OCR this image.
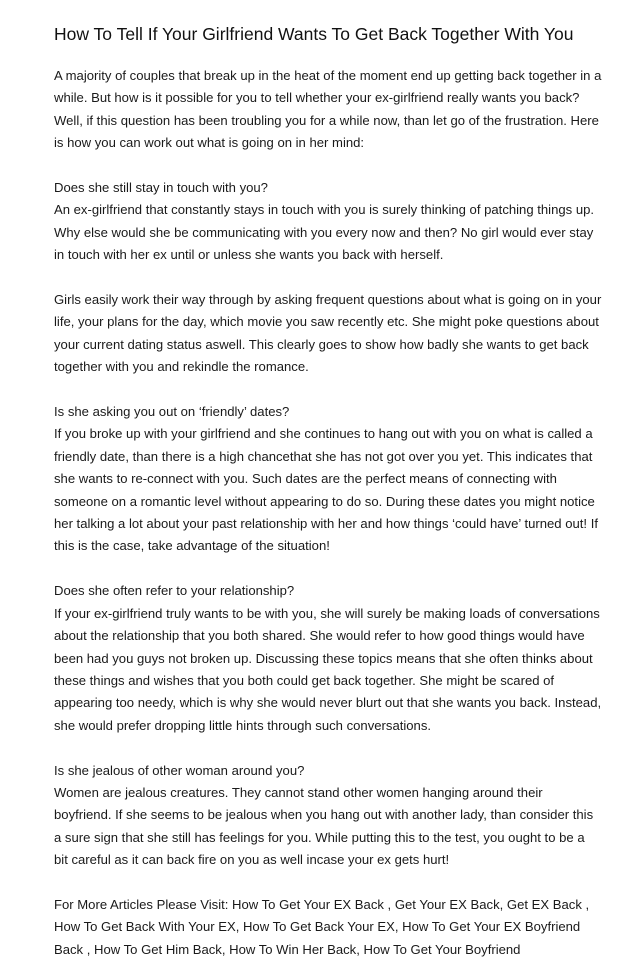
How To Tell If Your Girlfriend Wants To Get Back Together With You

A majority of couples that break up in the heat of the moment end up getting back together in a while. But how is it possible for you to tell whether your ex-girlfriend really wants you back? Well, if this question has been troubling you for a while now, than let go of the frustration. Here is how you can work out what is going on in her mind:

Does she still stay in touch with you?

An ex-girlfriend that constantly stays in touch with you is surely thinking of patching things up. Why else would she be communicating with you every now and then? No girl would ever stay in touch with her ex until or unless she wants you back with herself.

Girls easily work their way through by asking frequent questions about what is going on in your life, your plans for the day, which movie you saw recently etc. She might poke questions about your current dating status aswell. This clearly goes to show how badly she wants to get back together with you and rekindle the romance.

Is she asking you out on ‘friendly’ dates?

If you broke up with your girlfriend and she continues to hang out with you on what is called a friendly date, than there is a high chancethat she has not got over you yet. This indicates that she wants to re-connect with you. Such dates are the perfect means of connecting with someone on a romantic level without appearing to do so. During these dates you might notice her talking a lot about your past relationship with her and how things ‘could have’ turned out! If this is the case, take advantage of the situation!

Does she often refer to your relationship?

If your ex-girlfriend truly wants to be with you, she will surely be making loads of conversations about the relationship that you both shared. She would refer to how good things would have been had you guys not broken up. Discussing these topics means that she often thinks about these things and wishes that you both could get back together. She might be scared of appearing too needy, which is why she would never blurt out that she wants you back. Instead, she would prefer dropping little hints through such conversations.

Is she jealous of other woman around you?

Women are jealous creatures. They cannot stand other women hanging around their boyfriend. If she seems to be jealous when you hang out with another lady, than consider this a sure sign that she still has feelings for you. While putting this to the test, you ought to be a bit careful as it can back fire on you as well incase your ex gets hurt!

For More Articles Please Visit: How To Get Your EX Back , Get Your EX Back, Get EX Back , How To Get Back With Your EX, How To Get Back Your EX, How To Get Your EX Boyfriend Back , How To Get Him Back, How To Win Her Back, How To Get Your Boyfriend
